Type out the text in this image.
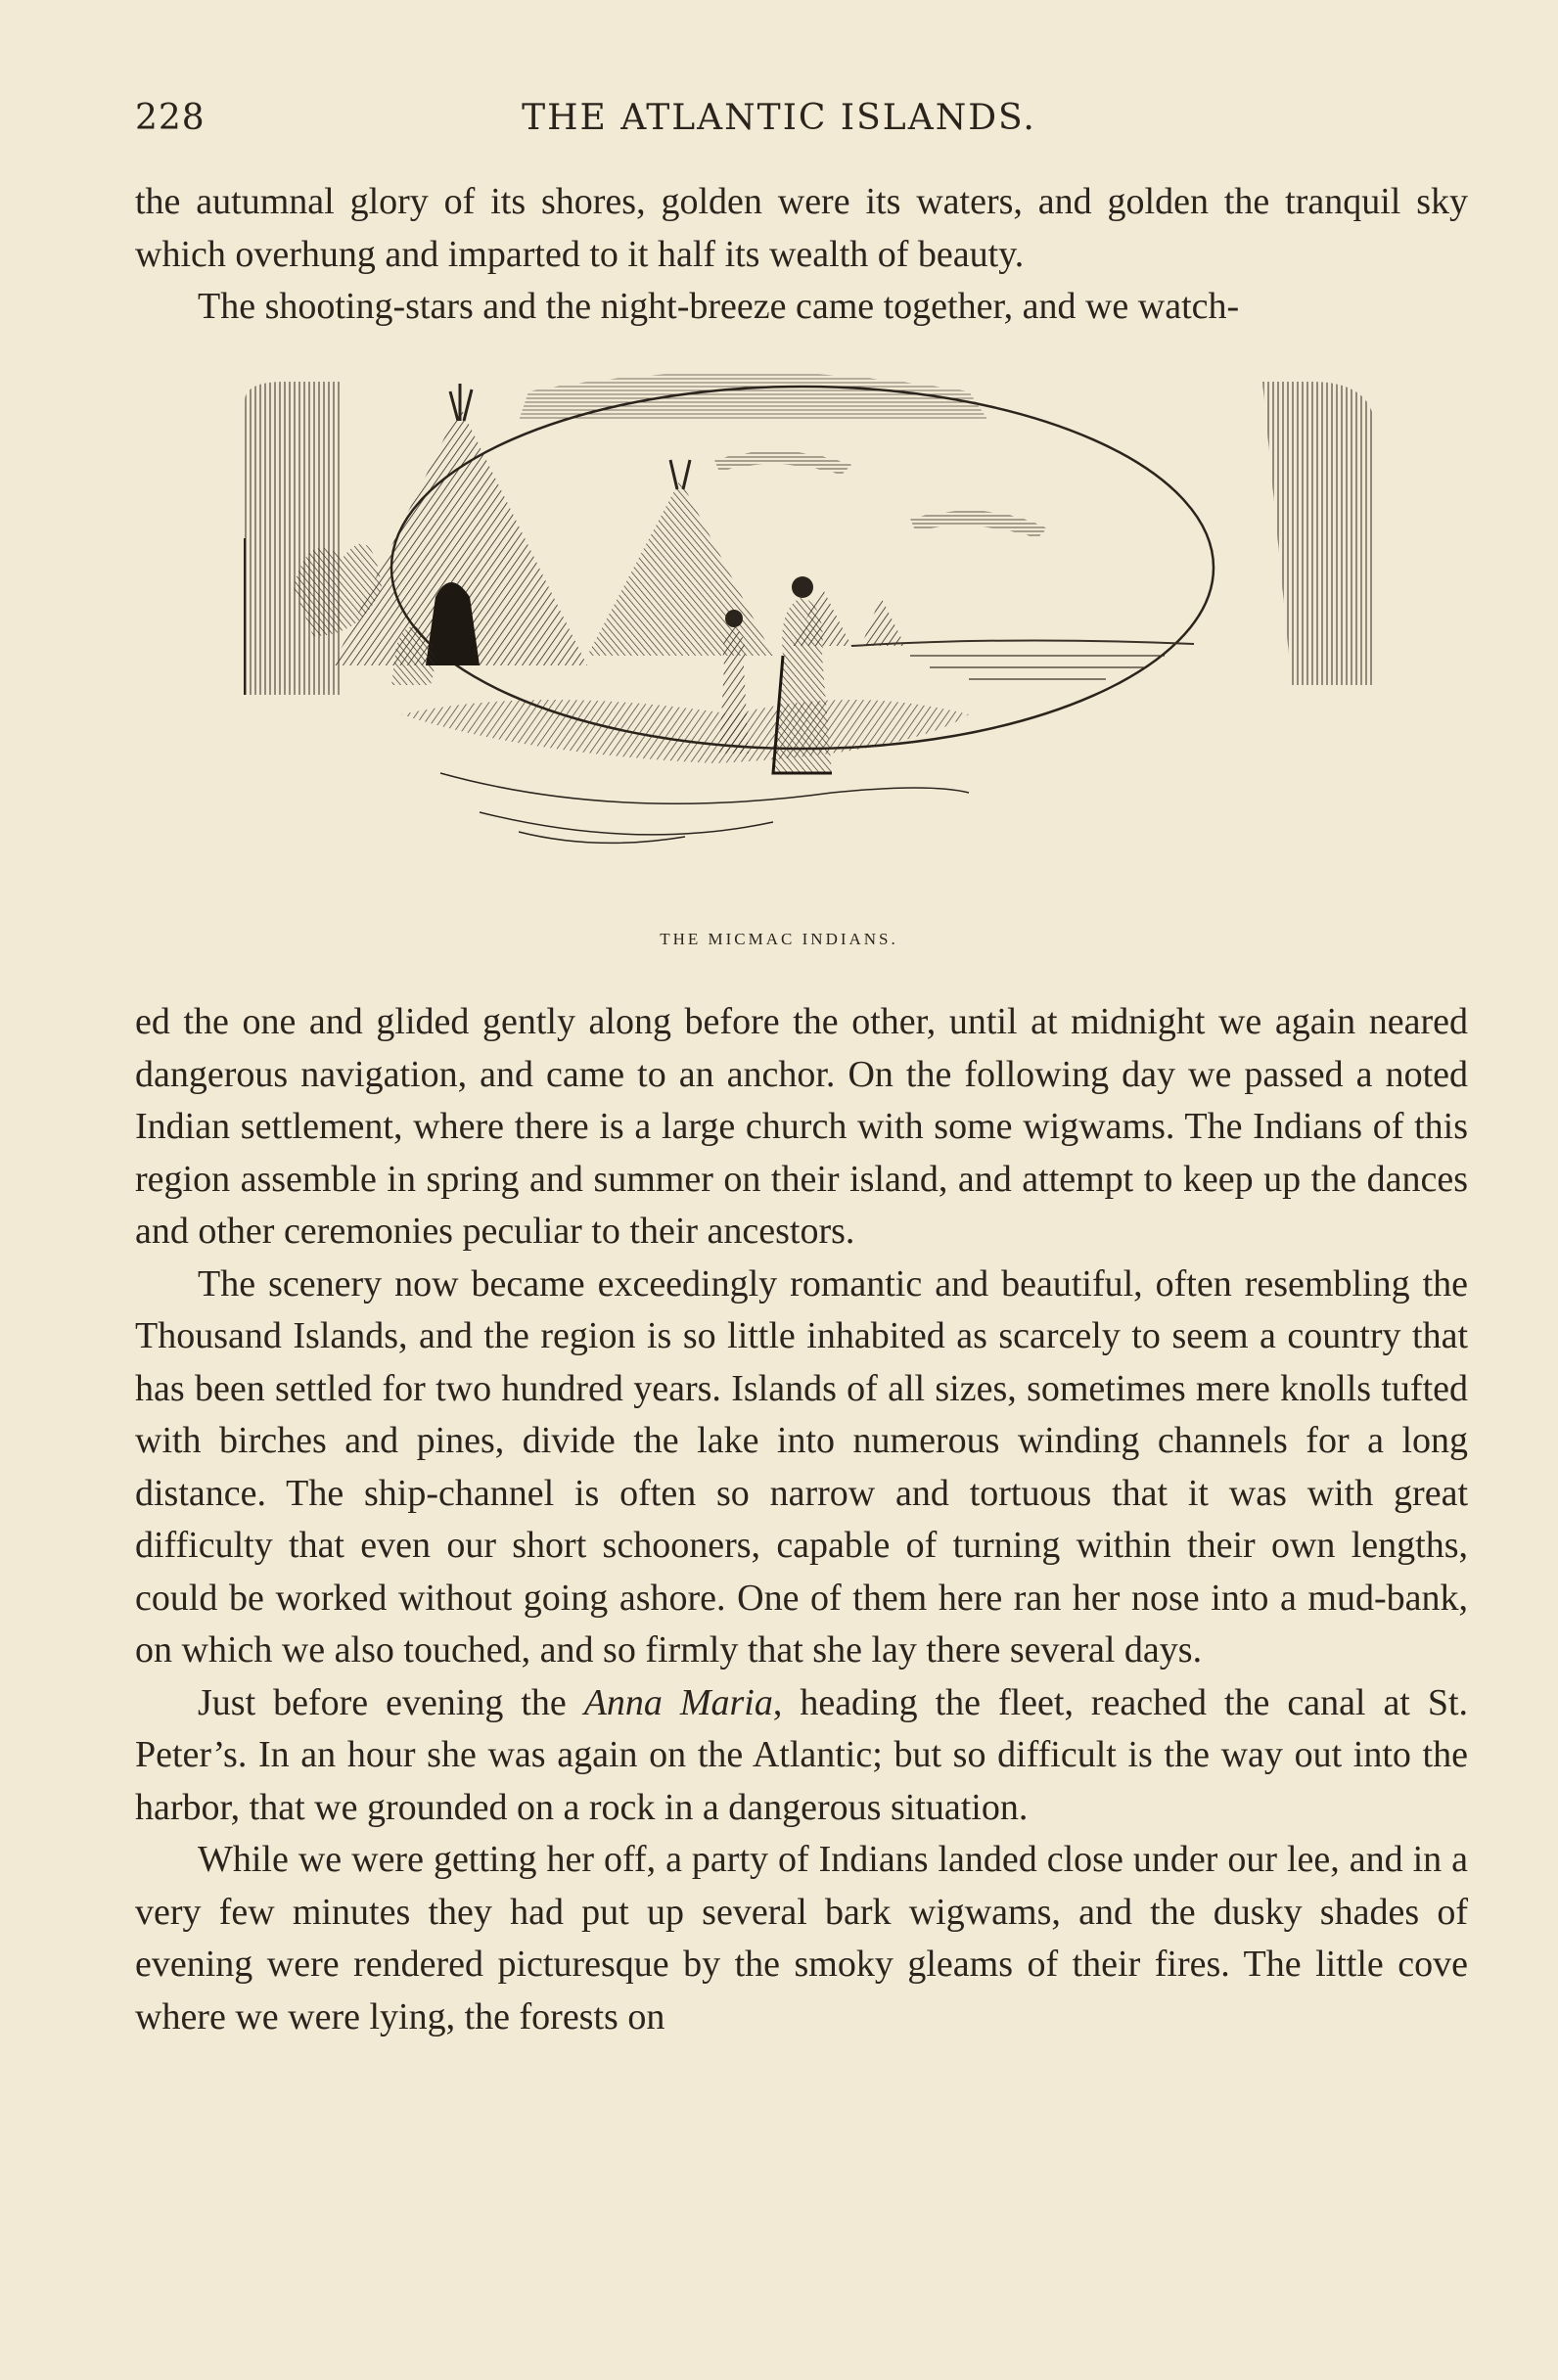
228	THE ATLANTIC ISLANDS.

the autumnal glory of its shores, golden were its waters, and golden the tranquil sky which overhung and imparted to it half its wealth of beauty.

The shooting-stars and the night-breeze came together, and we watch-

THE MICMAC INDIANS.

ed the one and glided gently along before the other, until at midnight we again neared dangerous navigation, and came to an anchor. On the following day we passed a noted Indian settlement, where there is a large church with some wigwams. The Indians of this region assemble in spring and summer on their island, and attempt to keep up the dances and other ceremonies peculiar to their ancestors.

The scenery now became exceedingly romantic and beautiful, often resembling the Thousand Islands, and the region is so little inhabited as scarcely to seem a country that has been settled for two hundred years. Islands of all sizes, sometimes mere knolls tufted with birches and pines, divide the lake into numerous winding channels for a long distance. The ship-channel is often so narrow and tortuous that it was with great difficulty that even our short schooners, capable of turning within their own lengths, could be worked without going ashore. One of them here ran her nose into a mud-bank, on which we also touched, and so firmly that she lay there several days.

Just before evening the Anna Maria, heading the fleet, reached the canal at St. Peter’s. In an hour she was again on the Atlantic; but so difficult is the way out into the harbor, that we grounded on a rock in a dangerous situation.

While we were getting her off, a party of Indians landed close under our lee, and in a very few minutes they had put up several bark wigwams, and the dusky shades of evening were rendered picturesque by the smoky gleams of their fires. The little cove where we were lying, the forests on
